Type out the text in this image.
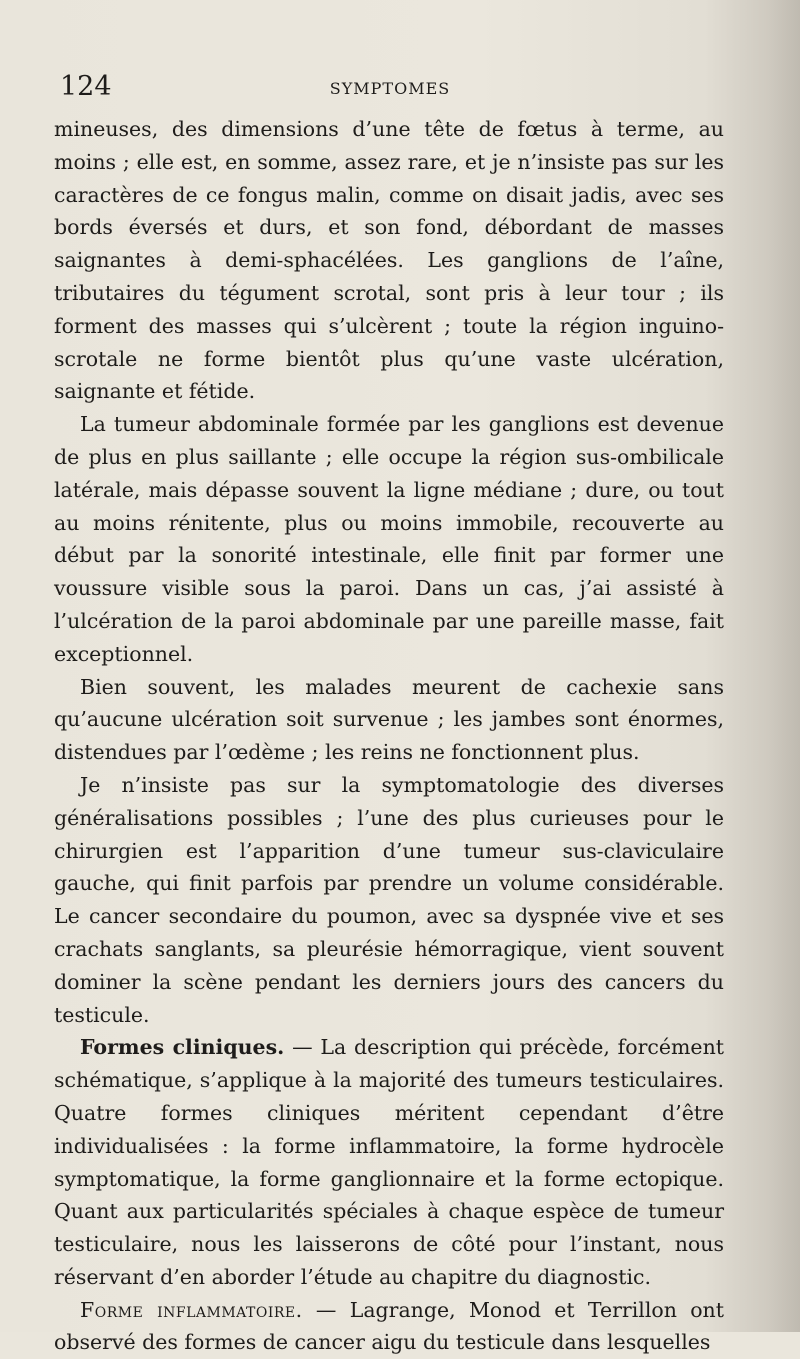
124	SYMPTOMES

mineuses, des dimensions d’une tête de fœtus à terme, au moins ; elle est, en somme, assez rare, et je n’insiste pas sur les caractères de ce fongus malin, comme on disait jadis, avec ses bords éversés et durs, et son fond, débordant de masses saignantes à demi-sphacélées. Les ganglions de l’aîne, tributaires du tégument scrotal, sont pris à leur tour ; ils forment des masses qui s’ulcèrent ; toute la région inguino-scrotale ne forme bientôt plus qu’une vaste ulcération, saignante et fétide.

La tumeur abdominale formée par les ganglions est devenue de plus en plus saillante ; elle occupe la région sus-ombilicale latérale, mais dépasse souvent la ligne médiane ; dure, ou tout au moins rénitente, plus ou moins immobile, recouverte au début par la sonorité intestinale, elle finit par former une voussure visible sous la paroi. Dans un cas, j’ai assisté à l’ulcération de la paroi abdominale par une pareille masse, fait exceptionnel.

Bien souvent, les malades meurent de cachexie sans qu’aucune ulcération soit survenue ; les jambes sont énormes, distendues par l’œdème ; les reins ne fonctionnent plus.

Je n’insiste pas sur la symptomatologie des diverses généralisations possibles ; l’une des plus curieuses pour le chirurgien est l’apparition d’une tumeur sus-claviculaire gauche, qui finit parfois par prendre un volume considérable. Le cancer secondaire du poumon, avec sa dyspnée vive et ses crachats sanglants, sa pleurésie hémorragique, vient souvent dominer la scène pendant les derniers jours des cancers du testicule.

Formes cliniques. — La description qui précède, forcément schématique, s’applique à la majorité des tumeurs testiculaires. Quatre formes cliniques méritent cependant d’être individualisées : la forme inflammatoire, la forme hydrocèle symptomatique, la forme ganglionnaire et la forme ectopique. Quant aux particularités spéciales à chaque espèce de tumeur testiculaire, nous les laisserons de côté pour l’instant, nous réservant d’en aborder l’étude au chapitre du diagnostic.

Forme inflammatoire. — Lagrange, Monod et Terrillon ont observé des formes de cancer aigu du testicule dans lesquelles
